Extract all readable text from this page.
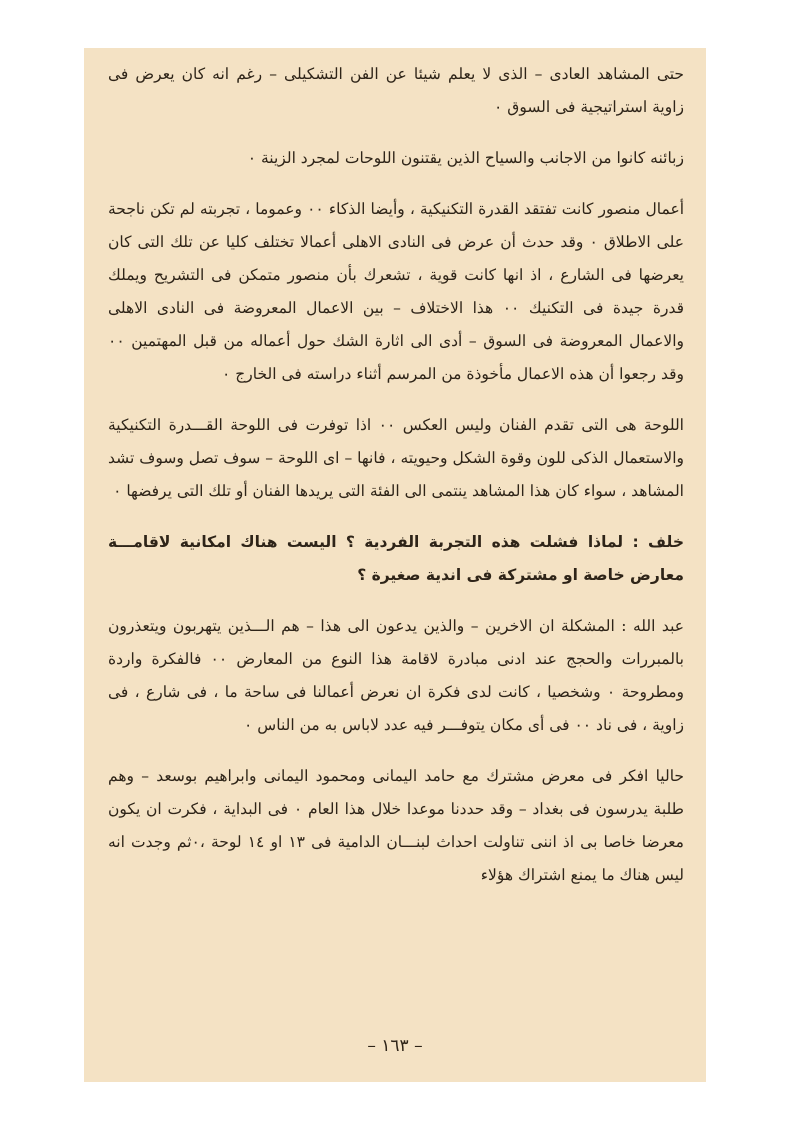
حتى المشاهد العادى – الذى لا يعلم شيئا عن الفن التشكيلى – رغم انه كان يعرض فى زاوية استراتيجية فى السوق ٠

زبائنه كانوا من الاجانب والسياح الذين يقتنون اللوحات لمجرد الزينة ٠

أعمال منصور كانت تفتقد القدرة التكنيكية ، وأيضا الذكاء ٠٠ وعموما ، تجربته لم تكن ناجحة على الاطلاق ٠ وقد حدث أن عرض فى النادى الاهلى أعمالا تختلف كليا عن تلك التى كان يعرضها فى الشارع ، اذ انها كانت قوية ، تشعرك بأن منصور متمكن فى التشريح ويملك قدرة جيدة فى التكنيك ٠٠ هذا الاختلاف – بين الاعمال المعروضة فى النادى الاهلى والاعمال المعروضة فى السوق – أدى الى اثارة الشك حول أعماله من قبل المهتمين ٠٠ وقد رجعوا أن هذه الاعمال مأخوذة من المرسم أثناء دراسته فى الخارج ٠

اللوحة هى التى تقدم الفنان وليس العكس ٠٠ اذا توفرت فى اللوحة القـــدرة التكنيكية والاستعمال الذكى للون وقوة الشكل وحيويته ، فانها – اى اللوحة – سوف تصل وسوف تشد المشاهد ، سواء كان هذا المشاهد ينتمى الى الفئة التى يريدها الفنان أو تلك التى يرفضها ٠

خلف : لماذا فشلت هذه التجربة الفردية ؟ اليست هناك امكانية لاقامـــة معارض خاصة او مشتركة فى اندية صغيرة ؟

عبد الله : المشكلة ان الاخرين – والذين يدعون الى هذا – هم الـــذين يتهربون ويتعذرون بالمبررات والحجج عند ادنى مبادرة لاقامة هذا النوع من المعارض ٠٠ فالفكرة واردة ومطروحة ٠ وشخصيا ، كانت لدى فكرة ان نعرض أعمالنا فى ساحة ما ، فى شارع ، فى زاوية ، فى ناد ٠٠ فى أى مكان يتوفـــر فيه عدد لاباس به من الناس ٠

حاليا افكر فى معرض مشترك مع حامد اليمانى ومحمود اليمانى وابراهيم بوسعد – وهم طلبة يدرسون فى بغداد – وقد حددنا موعدا خلال هذا العام ٠ فى البداية ، فكرت ان يكون معرضا خاصا بى اذ اننى تناولت احداث لبنـــان الدامية فى ١٣ او ١٤ لوحة ،٠ثم وجدت انه ليس هناك ما يمنع اشتراك هؤلاء

– ١٦٣ –
